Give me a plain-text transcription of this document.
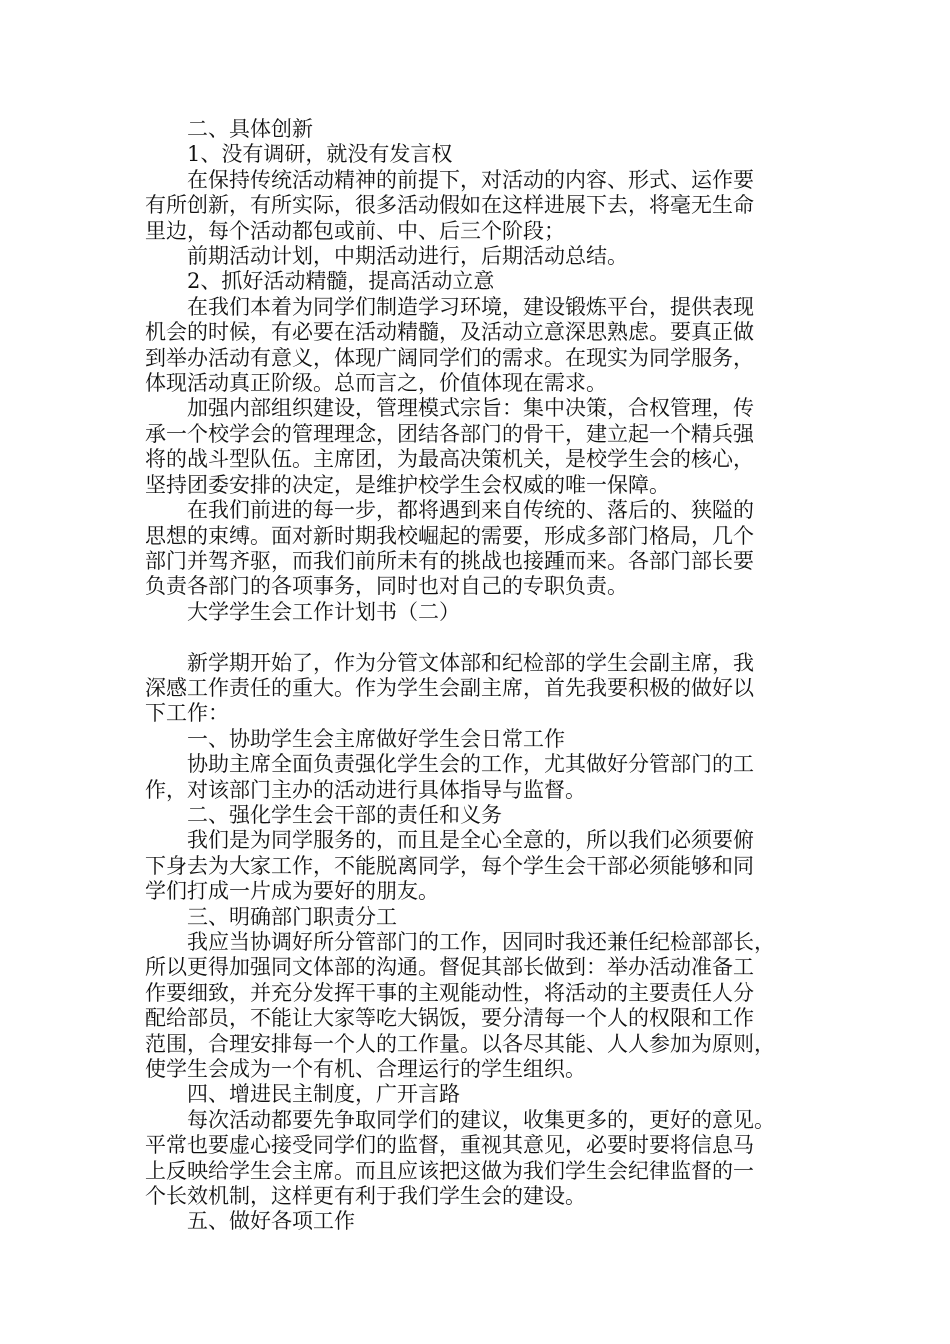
二、具体创新

1、没有调研，就没有发言权

在保持传统活动精神的前提下，对活动的内容、形式、运作要
有所创新，有所实际，很多活动假如在这样进展下去，将毫无生命
里边，每个活动都包或前、中、后三个阶段；

前期活动计划，中期活动进行，后期活动总结。

2、抓好活动精髓，提高活动立意

在我们本着为同学们制造学习环境，建设锻炼平台，提供表现
机会的时候，有必要在活动精髓，及活动立意深思熟虑。要真正做
到举办活动有意义，体现广阔同学们的需求。在现实为同学服务，
体现活动真正阶级。总而言之，价值体现在需求。

加强内部组织建设，管理模式宗旨：集中决策，合权管理，传
承一个校学会的管理理念，团结各部门的骨干，建立起一个精兵强
将的战斗型队伍。主席团，为最高决策机关，是校学生会的核心，
坚持团委安排的决定，是维护校学生会权威的唯一保障。

在我们前进的每一步，都将遇到来自传统的、落后的、狭隘的
思想的束缚。面对新时期我校崛起的需要，形成多部门格局，几个
部门并驾齐驱，而我们前所未有的挑战也接踵而来。各部门部长要
负责各部门的各项事务，同时也对自己的专职负责。

大学学生会工作计划书（二）

新学期开始了，作为分管文体部和纪检部的学生会副主席，我
深感工作责任的重大。作为学生会副主席，首先我要积极的做好以
下工作：

一、协助学生会主席做好学生会日常工作

协助主席全面负责强化学生会的工作，尤其做好分管部门的工
作，对该部门主办的活动进行具体指导与监督。

二、强化学生会干部的责任和义务

我们是为同学服务的，而且是全心全意的，所以我们必须要俯
下身去为大家工作，不能脱离同学，每个学生会干部必须能够和同
学们打成一片成为要好的朋友。

三、明确部门职责分工

我应当协调好所分管部门的工作，因同时我还兼任纪检部部长，
所以更得加强同文体部的沟通。督促其部长做到：举办活动准备工
作要细致，并充分发挥干事的主观能动性，将活动的主要责任人分
配给部员，不能让大家等吃大锅饭，要分清每一个人的权限和工作
范围，合理安排每一个人的工作量。以各尽其能、人人参加为原则，
使学生会成为一个有机、合理运行的学生组织。

四、增进民主制度，广开言路

每次活动都要先争取同学们的建议，收集更多的，更好的意见。
平常也要虚心接受同学们的监督，重视其意见，必要时要将信息马
上反映给学生会主席。而且应该把这做为我们学生会纪律监督的一
个长效机制，这样更有利于我们学生会的建设。

五、做好各项工作
